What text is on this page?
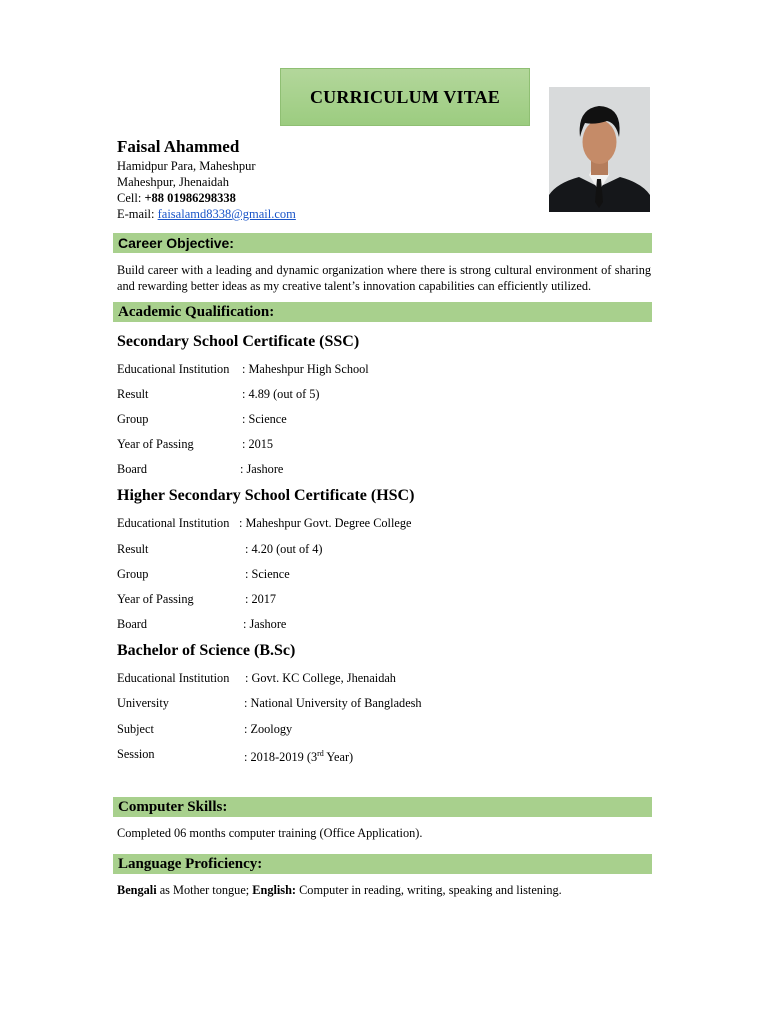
CURRICULUM VITAE
Faisal Ahammed
Hamidpur Para, Maheshpur
Maheshpur, Jhenaidah
Cell: +88 01986298338
E-mail: faisalamd8338@gmail.com
Career Objective:
Build career with a leading and dynamic organization where there is strong cultural environment of sharing and rewarding better ideas as my creative talent’s innovation capabilities can efficiently utilized.
Academic Qualification:
Secondary School Certificate (SSC)
Educational Institution : Maheshpur High School
Result	: 4.89 (out of 5)
Group	: Science
Year of Passing	: 2015
Board	: Jashore
Higher Secondary School Certificate (HSC)
Educational Institution : Maheshpur Govt. Degree College
Result	: 4.20 (out of 4)
Group	: Science
Year of Passing	: 2017
Board	: Jashore
Bachelor of Science (B.Sc)
Educational Institution : Govt. KC College, Jhenaidah
University	: National University of Bangladesh
Subject	: Zoology
Session	: 2018-2019 (3rd Year)
Computer Skills:
Completed 06 months computer training (Office Application).
Language Proficiency:
Bengali as Mother tongue; English: Computer in reading, writing, speaking and listening.
